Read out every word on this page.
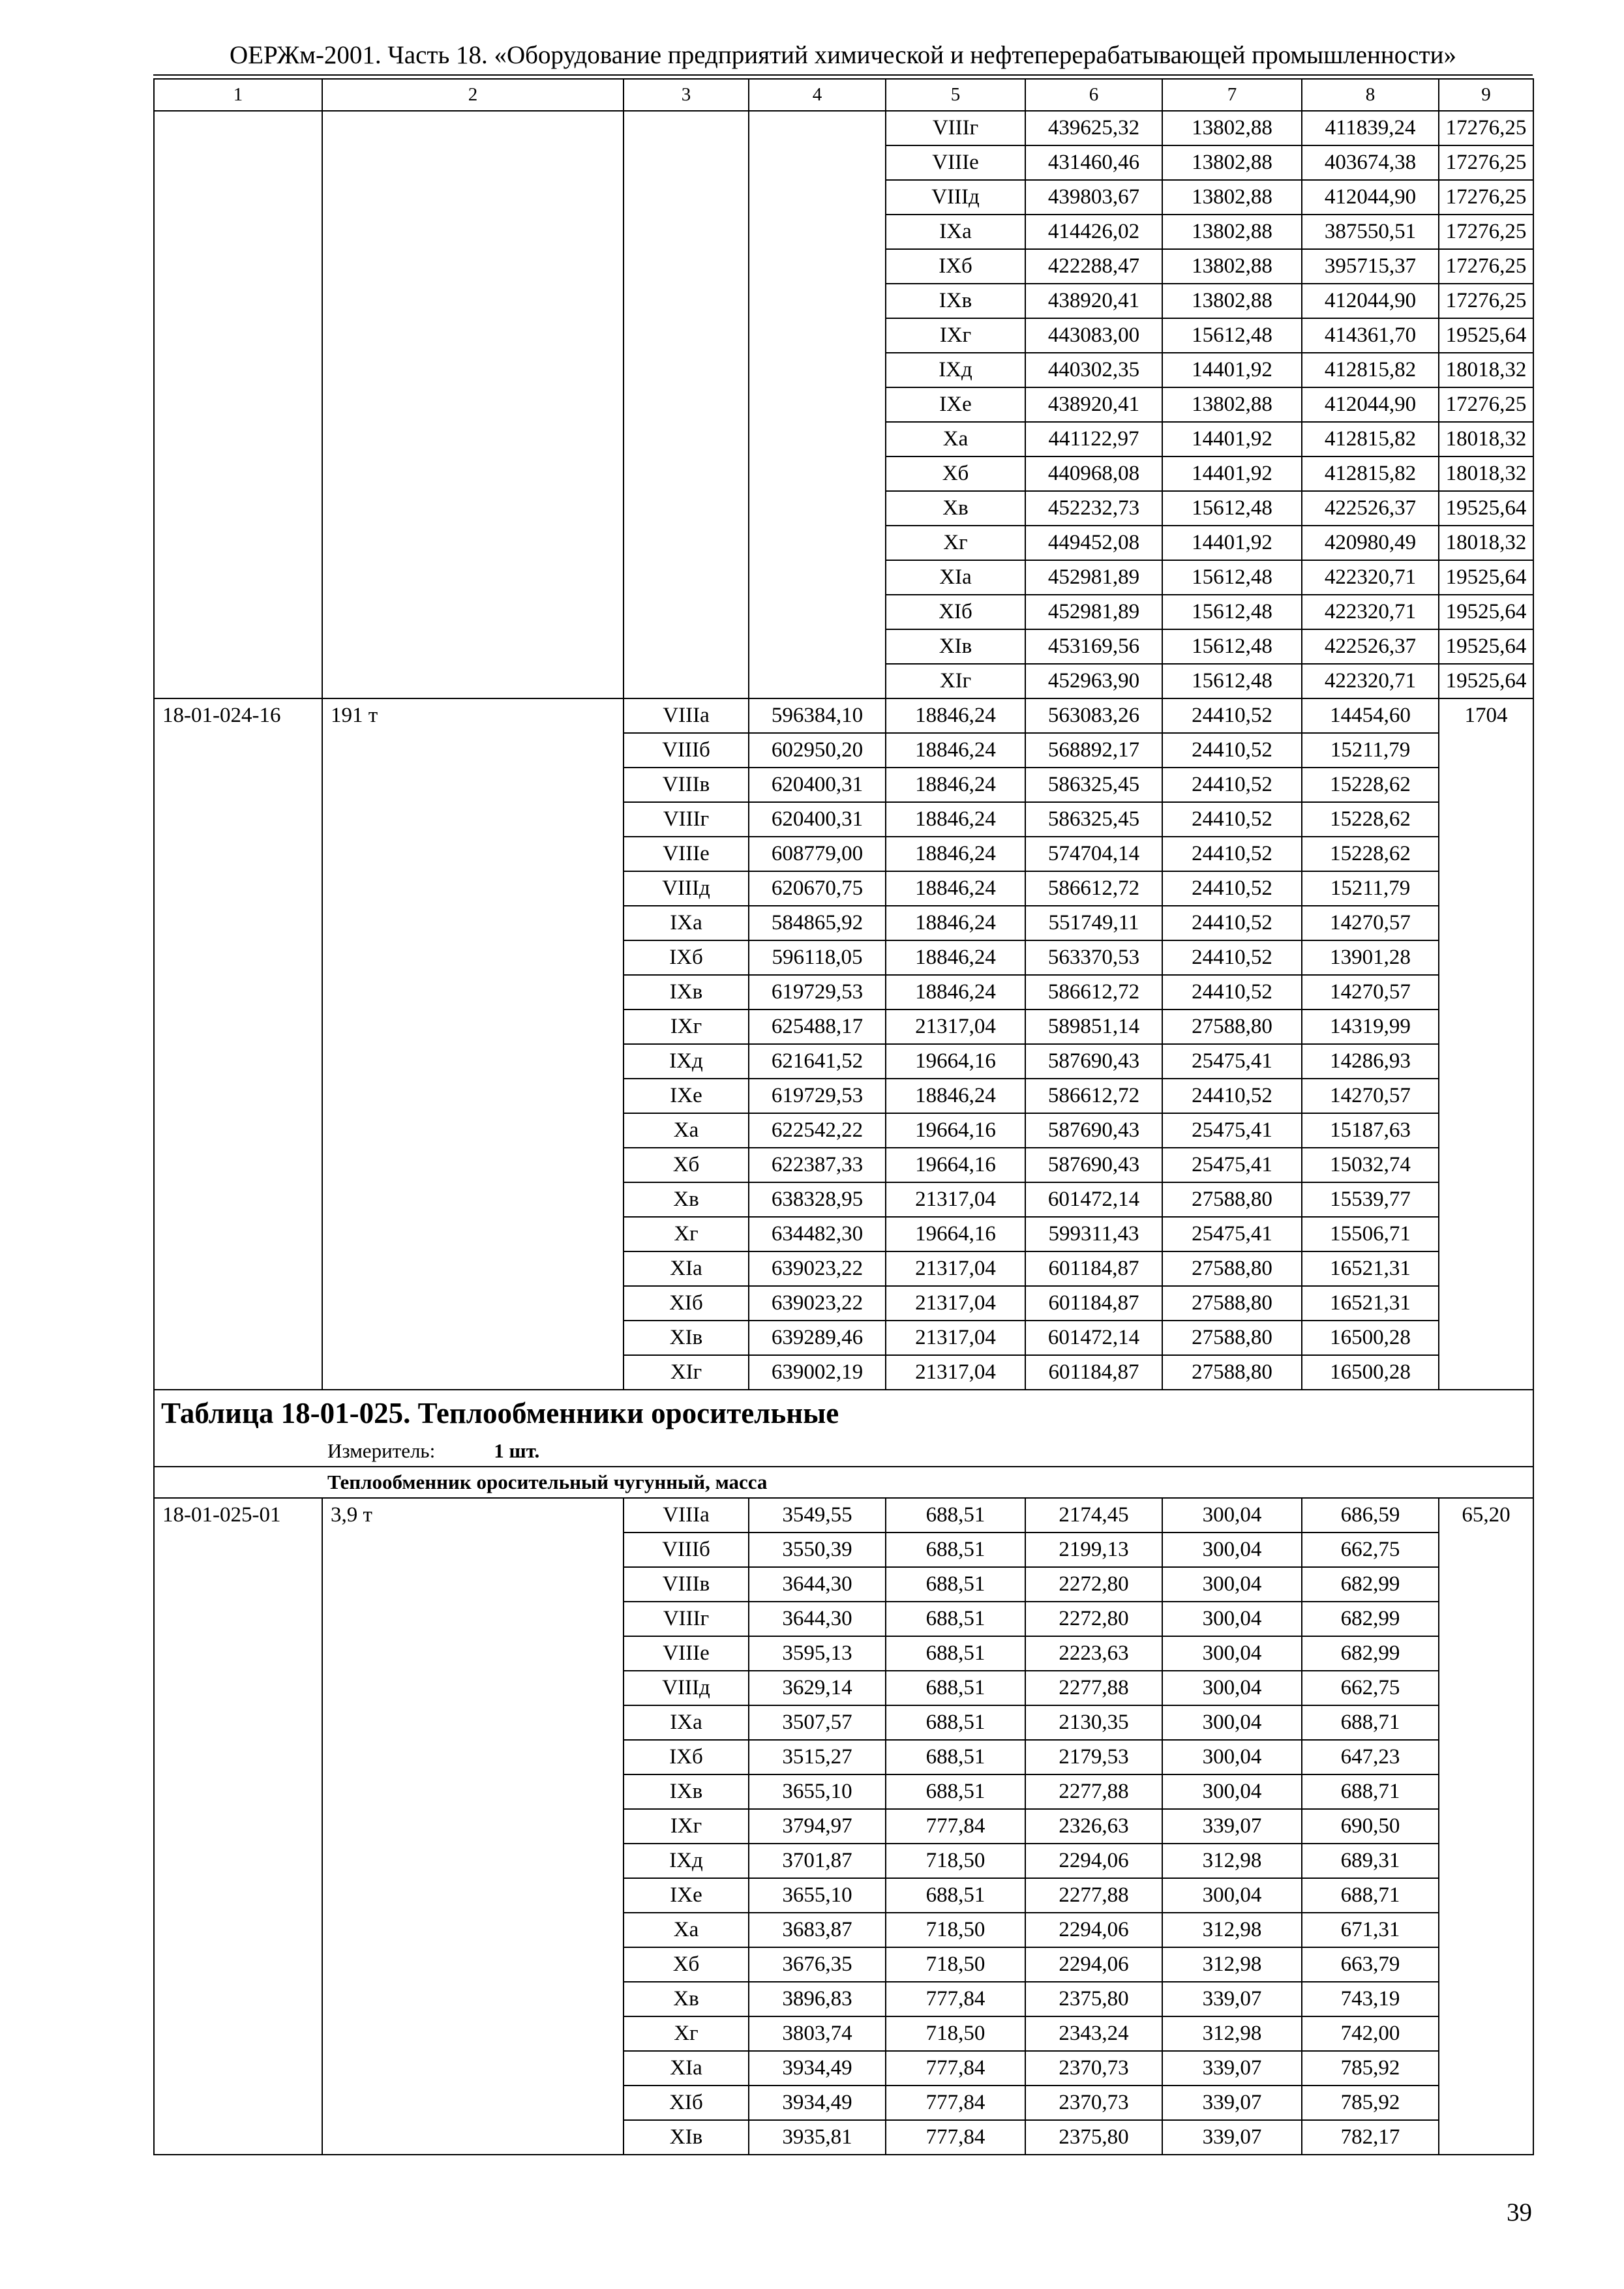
ОЕРЖм-2001. Часть 18. «Оборудование предприятий химической и нефтеперерабатывающей промышленности»
1	2	3	4	5	6	7	8	9	
				VIIIг	439625,32	13802,88	411839,24	17276,25			
				VIIIе	431460,46	13802,88	403674,38	17276,25	
				VIIIд	439803,67	13802,88	412044,90	17276,25	
				IXа	414426,02	13802,88	387550,51	17276,25	
				IXб	422288,47	13802,88	395715,37	17276,25	
				IXв	438920,41	13802,88	412044,90	17276,25	
				IXг	443083,00	15612,48	414361,70	19525,64	
				IXд	440302,35	14401,92	412815,82	18018,32	
				IXе	438920,41	13802,88	412044,90	17276,25	
				Xа	441122,97	14401,92	412815,82	18018,32	
				Xб	440968,08	14401,92	412815,82	18018,32	
				Xв	452232,73	15612,48	422526,37	19525,64	
				Xг	449452,08	14401,92	420980,49	18018,32	
				XIа	452981,89	15612,48	422320,71	19525,64	
				XIб	452981,89	15612,48	422320,71	19525,64	
				XIв	453169,56	15612,48	422526,37	19525,64	
				XIг	452963,90	15612,48	422320,71	19525,64	
18-01-024-16	191 т	VIIIа	596384,10	18846,24	563083,26	24410,52	14454,60	1704	
		VIIIб	602950,20	18846,24	568892,17	24410,52	15211,79		
		VIIIв	620400,31	18846,24	586325,45	24410,52	15228,62		
		VIIIг	620400,31	18846,24	586325,45	24410,52	15228,62		
		VIIIе	608779,00	18846,24	574704,14	24410,52	15228,62		
		VIIIд	620670,75	18846,24	586612,72	24410,52	15211,79		
		IXа	584865,92	18846,24	551749,11	24410,52	14270,57		
		IXб	596118,05	18846,24	563370,53	24410,52	13901,28		
		IXв	619729,53	18846,24	586612,72	24410,52	14270,57		
		IXг	625488,17	21317,04	589851,14	27588,80	14319,99		
		IXд	621641,52	19664,16	587690,43	25475,41	14286,93		
		IXе	619729,53	18846,24	586612,72	24410,52	14270,57		
		Xа	622542,22	19664,16	587690,43	25475,41	15187,63		
		Xб	622387,33	19664,16	587690,43	25475,41	15032,74		
		Xв	638328,95	21317,04	601472,14	27588,80	15539,77		
		Xг	634482,30	19664,16	599311,43	25475,41	15506,71		
		XIа	639023,22	21317,04	601184,87	27588,80	16521,31		
		XIб	639023,22	21317,04	601184,87	27588,80	16521,31		
		XIв	639289,46	21317,04	601472,14	27588,80	16500,28		
		XIг	639002,19	21317,04	601184,87	27588,80	16500,28		
Таблица 18-01-025. Теплообменники оросительные									
Измеритель: 1 шт.									
Теплообменник оросительный чугунный, масса									
18-01-025-01	3,9 т	VIIIа	3549,55	688,51	2174,45	300,04	686,59	65,20	
		VIIIб	3550,39	688,51	2199,13	300,04	662,75		
		VIIIв	3644,30	688,51	2272,80	300,04	682,99		
		VIIIг	3644,30	688,51	2272,80	300,04	682,99		
		VIIIе	3595,13	688,51	2223,63	300,04	682,99		
		VIIIд	3629,14	688,51	2277,88	300,04	662,75		
		IXа	3507,57	688,51	2130,35	300,04	688,71		
		IXб	3515,27	688,51	2179,53	300,04	647,23		
		IXв	3655,10	688,51	2277,88	300,04	688,71		
		IXг	3794,97	777,84	2326,63	339,07	690,50		
		IXд	3701,87	718,50	2294,06	312,98	689,31		
		IXе	3655,10	688,51	2277,88	300,04	688,71		
		Xа	3683,87	718,50	2294,06	312,98	671,31		
		Xб	3676,35	718,50	2294,06	312,98	663,79		
		Xв	3896,83	777,84	2375,80	339,07	743,19		
		Xг	3803,74	718,50	2343,24	312,98	742,00		
		XIа	3934,49	777,84	2370,73	339,07	785,92		
		XIб	3934,49	777,84	2370,73	339,07	785,92		
		XIв	3935,81	777,84	2375,80	339,07	782,17		
39
